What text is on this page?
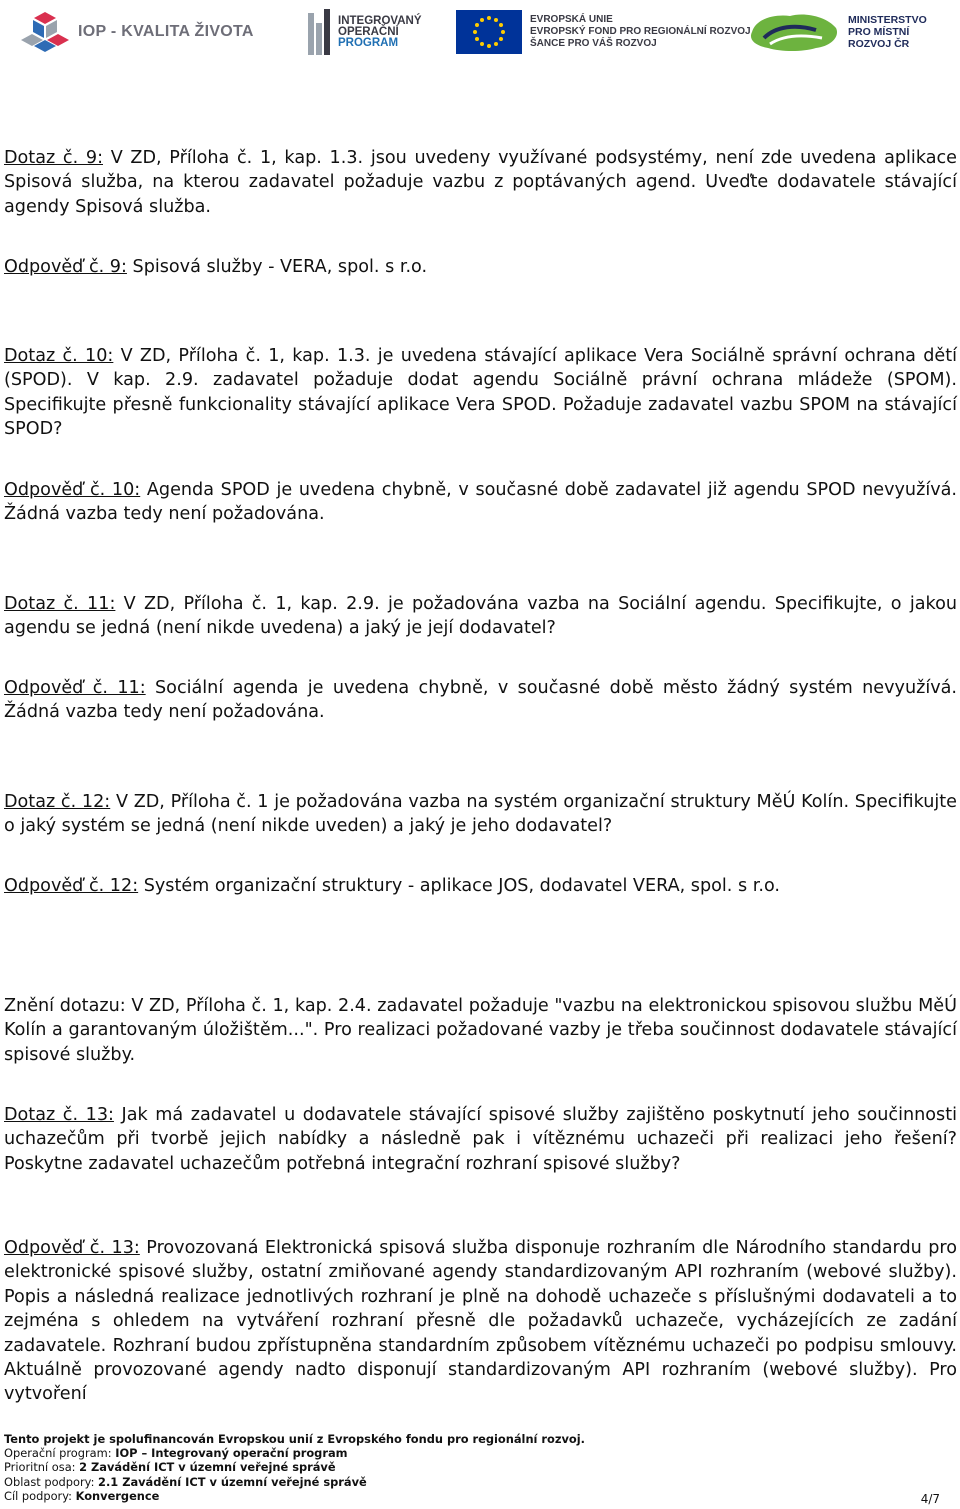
IOP - KVALITA ŽIVOTA
INTEGROVANÝ
OPERAČNÍ
PROGRAM
EVROPSKÁ UNIE
EVROPSKÝ FOND PRO REGIONÁLNÍ ROZVOJ
ŠANCE PRO VÁŠ ROZVOJ
MINISTERSTVO
PRO MÍSTNÍ
ROZVOJ ČR

Dotaz č. 9: V ZD, Příloha č. 1, kap. 1.3. jsou uvedeny využívané podsystémy, není zde uvedena aplikace Spisová služba, na kterou zadavatel požaduje vazbu z poptávaných agend. Uveďte dodavatele stávající agendy Spisová služba.

Odpověď č. 9: Spisová služby - VERA, spol. s r.o.

Dotaz č. 10: V ZD, Příloha č. 1, kap. 1.3. je uvedena stávající aplikace Vera Sociálně správní ochrana dětí (SPOD). V kap. 2.9. zadavatel požaduje dodat agendu Sociálně právní ochrana mládeže (SPOM). Specifikujte přesně funkcionality stávající aplikace Vera SPOD. Požaduje zadavatel vazbu SPOM na stávající SPOD?

Odpověď č. 10: Agenda SPOD je uvedena chybně, v současné době zadavatel již agendu SPOD nevyužívá. Žádná vazba tedy není požadována.

Dotaz č. 11: V ZD, Příloha č. 1, kap. 2.9. je požadována vazba na Sociální agendu. Specifikujte, o jakou agendu se jedná (není nikde uvedena) a jaký je její dodavatel?

Odpověď č. 11: Sociální agenda je uvedena chybně, v současné době město žádný systém nevyužívá. Žádná vazba tedy není požadována.

Dotaz č. 12: V ZD, Příloha č. 1 je požadována vazba na systém organizační struktury MěÚ Kolín. Specifikujte o jaký systém se jedná (není nikde uveden) a jaký je jeho dodavatel?

Odpověď č. 12: Systém organizační struktury - aplikace JOS, dodavatel VERA, spol. s r.o.

Znění dotazu: V ZD, Příloha č. 1, kap. 2.4. zadavatel požaduje "vazbu na elektronickou spisovou službu MěÚ Kolín a garantovaným úložištěm...". Pro realizaci požadované vazby je třeba součinnost dodavatele stávající spisové služby.

Dotaz č. 13: Jak má zadavatel u dodavatele stávající spisové služby zajištěno poskytnutí jeho součinnosti uchazečům při tvorbě jejich nabídky a následně pak i vítěznému uchazeči při realizaci jeho řešení? Poskytne zadavatel uchazečům potřebná integrační rozhraní spisové služby?

Odpověď č. 13: Provozovaná Elektronická spisová služba disponuje rozhraním dle Národního standardu pro elektronické spisové služby, ostatní zmiňované agendy standardizovaným API rozhraním (webové služby). Popis a následná realizace jednotlivých rozhraní je plně na dohodě uchazeče s příslušnými dodavateli a to zejména s ohledem na vytváření rozhraní přesně dle požadavků uchazeče, vycházejících ze zadání zadavatele. Rozhraní budou zpřístupněna standardním způsobem vítěznému uchazeči po podpisu smlouvy. Aktuálně provozované agendy nadto disponují standardizovaným API rozhraním (webové služby). Pro vytvoření

Tento projekt je spolufinancován Evropskou unií z Evropského fondu pro regionální rozvoj.
Operační program: IOP – Integrovaný operační program
Prioritní osa: 2 Zavádění ICT v územní veřejné správě
Oblast podpory: 2.1 Zavádění ICT v územní veřejné správě
Cíl podpory: Konvergence	4/7
